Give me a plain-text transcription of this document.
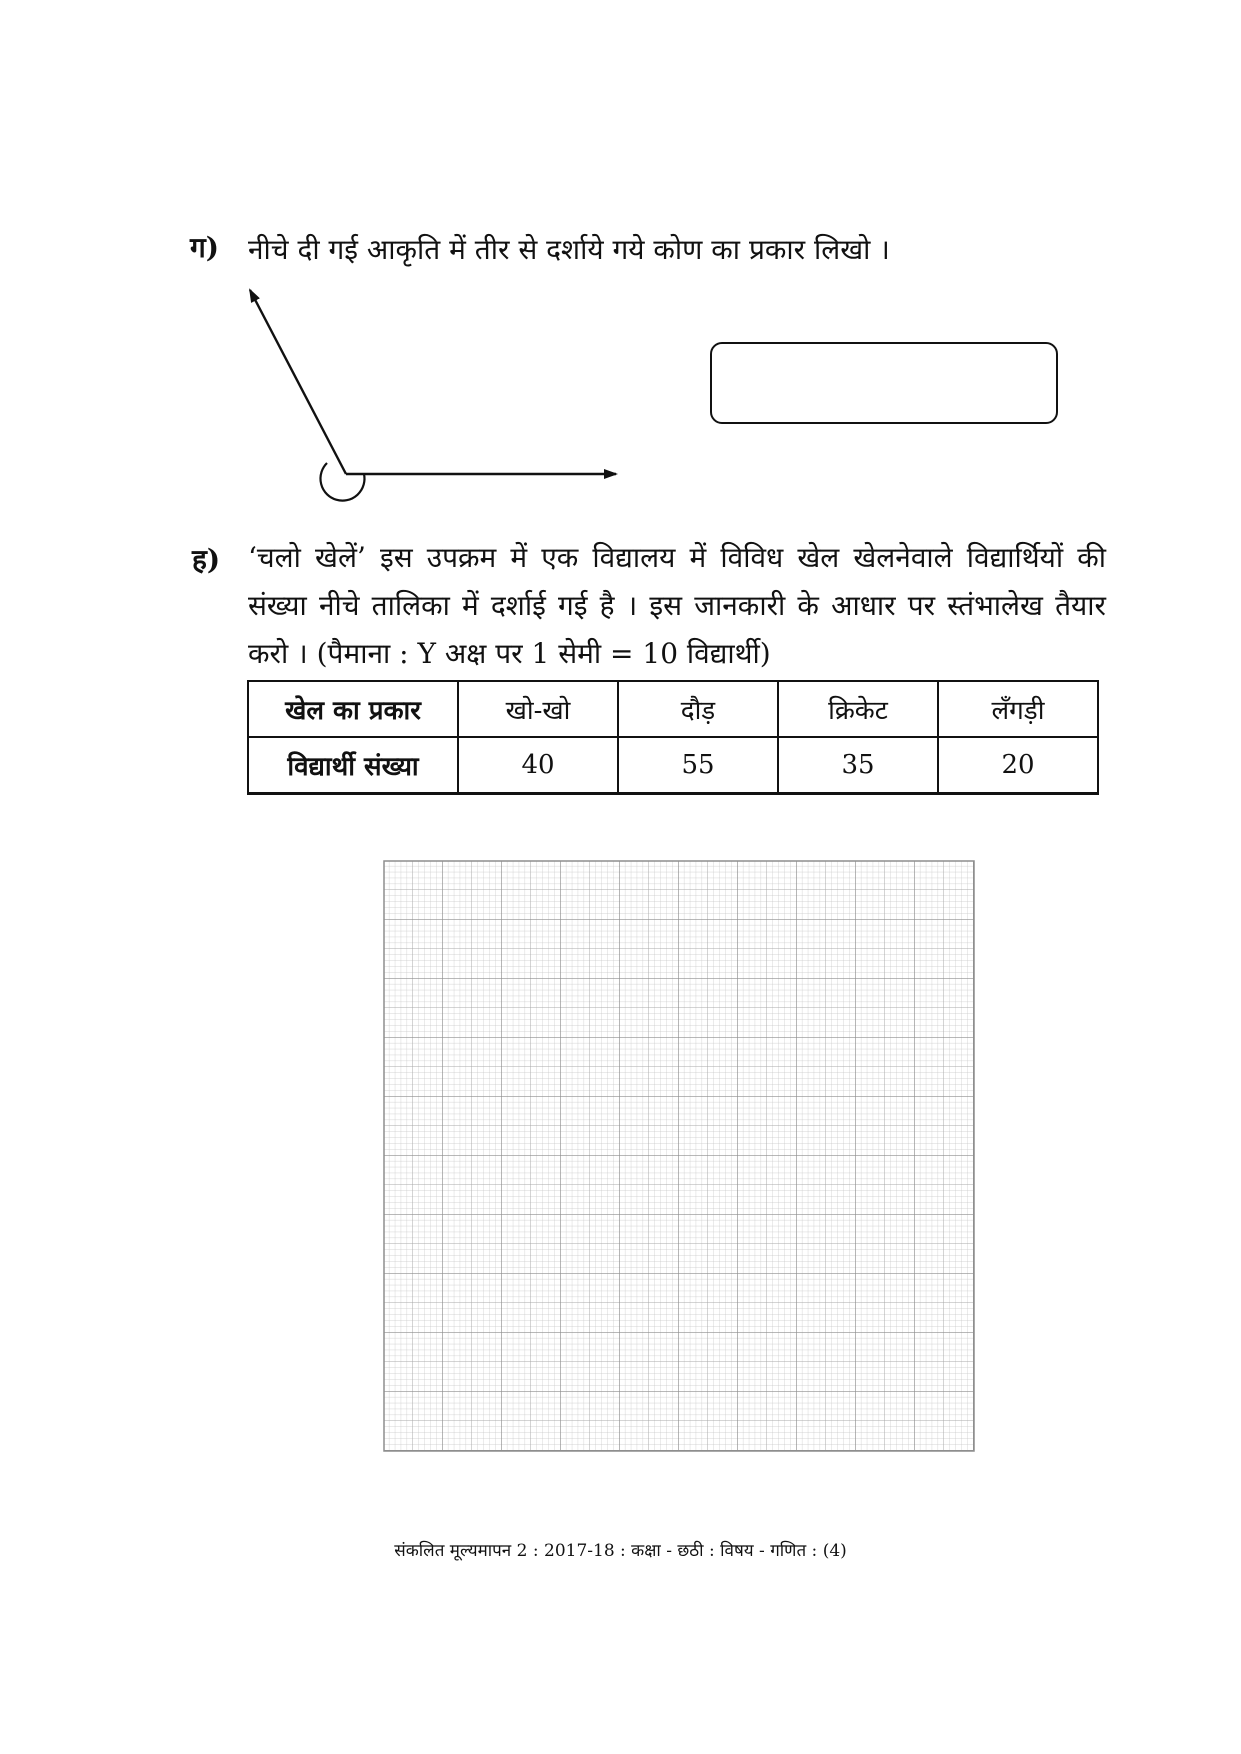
ग) नीचे दी गई आकृति में तीर से दर्शाये गये कोण का प्रकार लिखो ।
ह) ‘चलो खेलें’ इस उपक्रम में एक विद्यालय में विविध खेल खेलनेवाले विद्यार्थियों की संख्या नीचे तालिका में दर्शाई गई है । इस जानकारी के आधार पर स्तंभालेख तैयार करो । (पैमाना : Y अक्ष पर 1 सेमी = 10 विद्यार्थी)
खेल का प्रकार	खो-खो	दौड़	क्रिकेट	लँगड़ी
विद्यार्थी संख्या	40	55	35	20
संकलित मूल्यमापन 2 : 2017-18 : कक्षा - छठी : विषय - गणित : (4)
